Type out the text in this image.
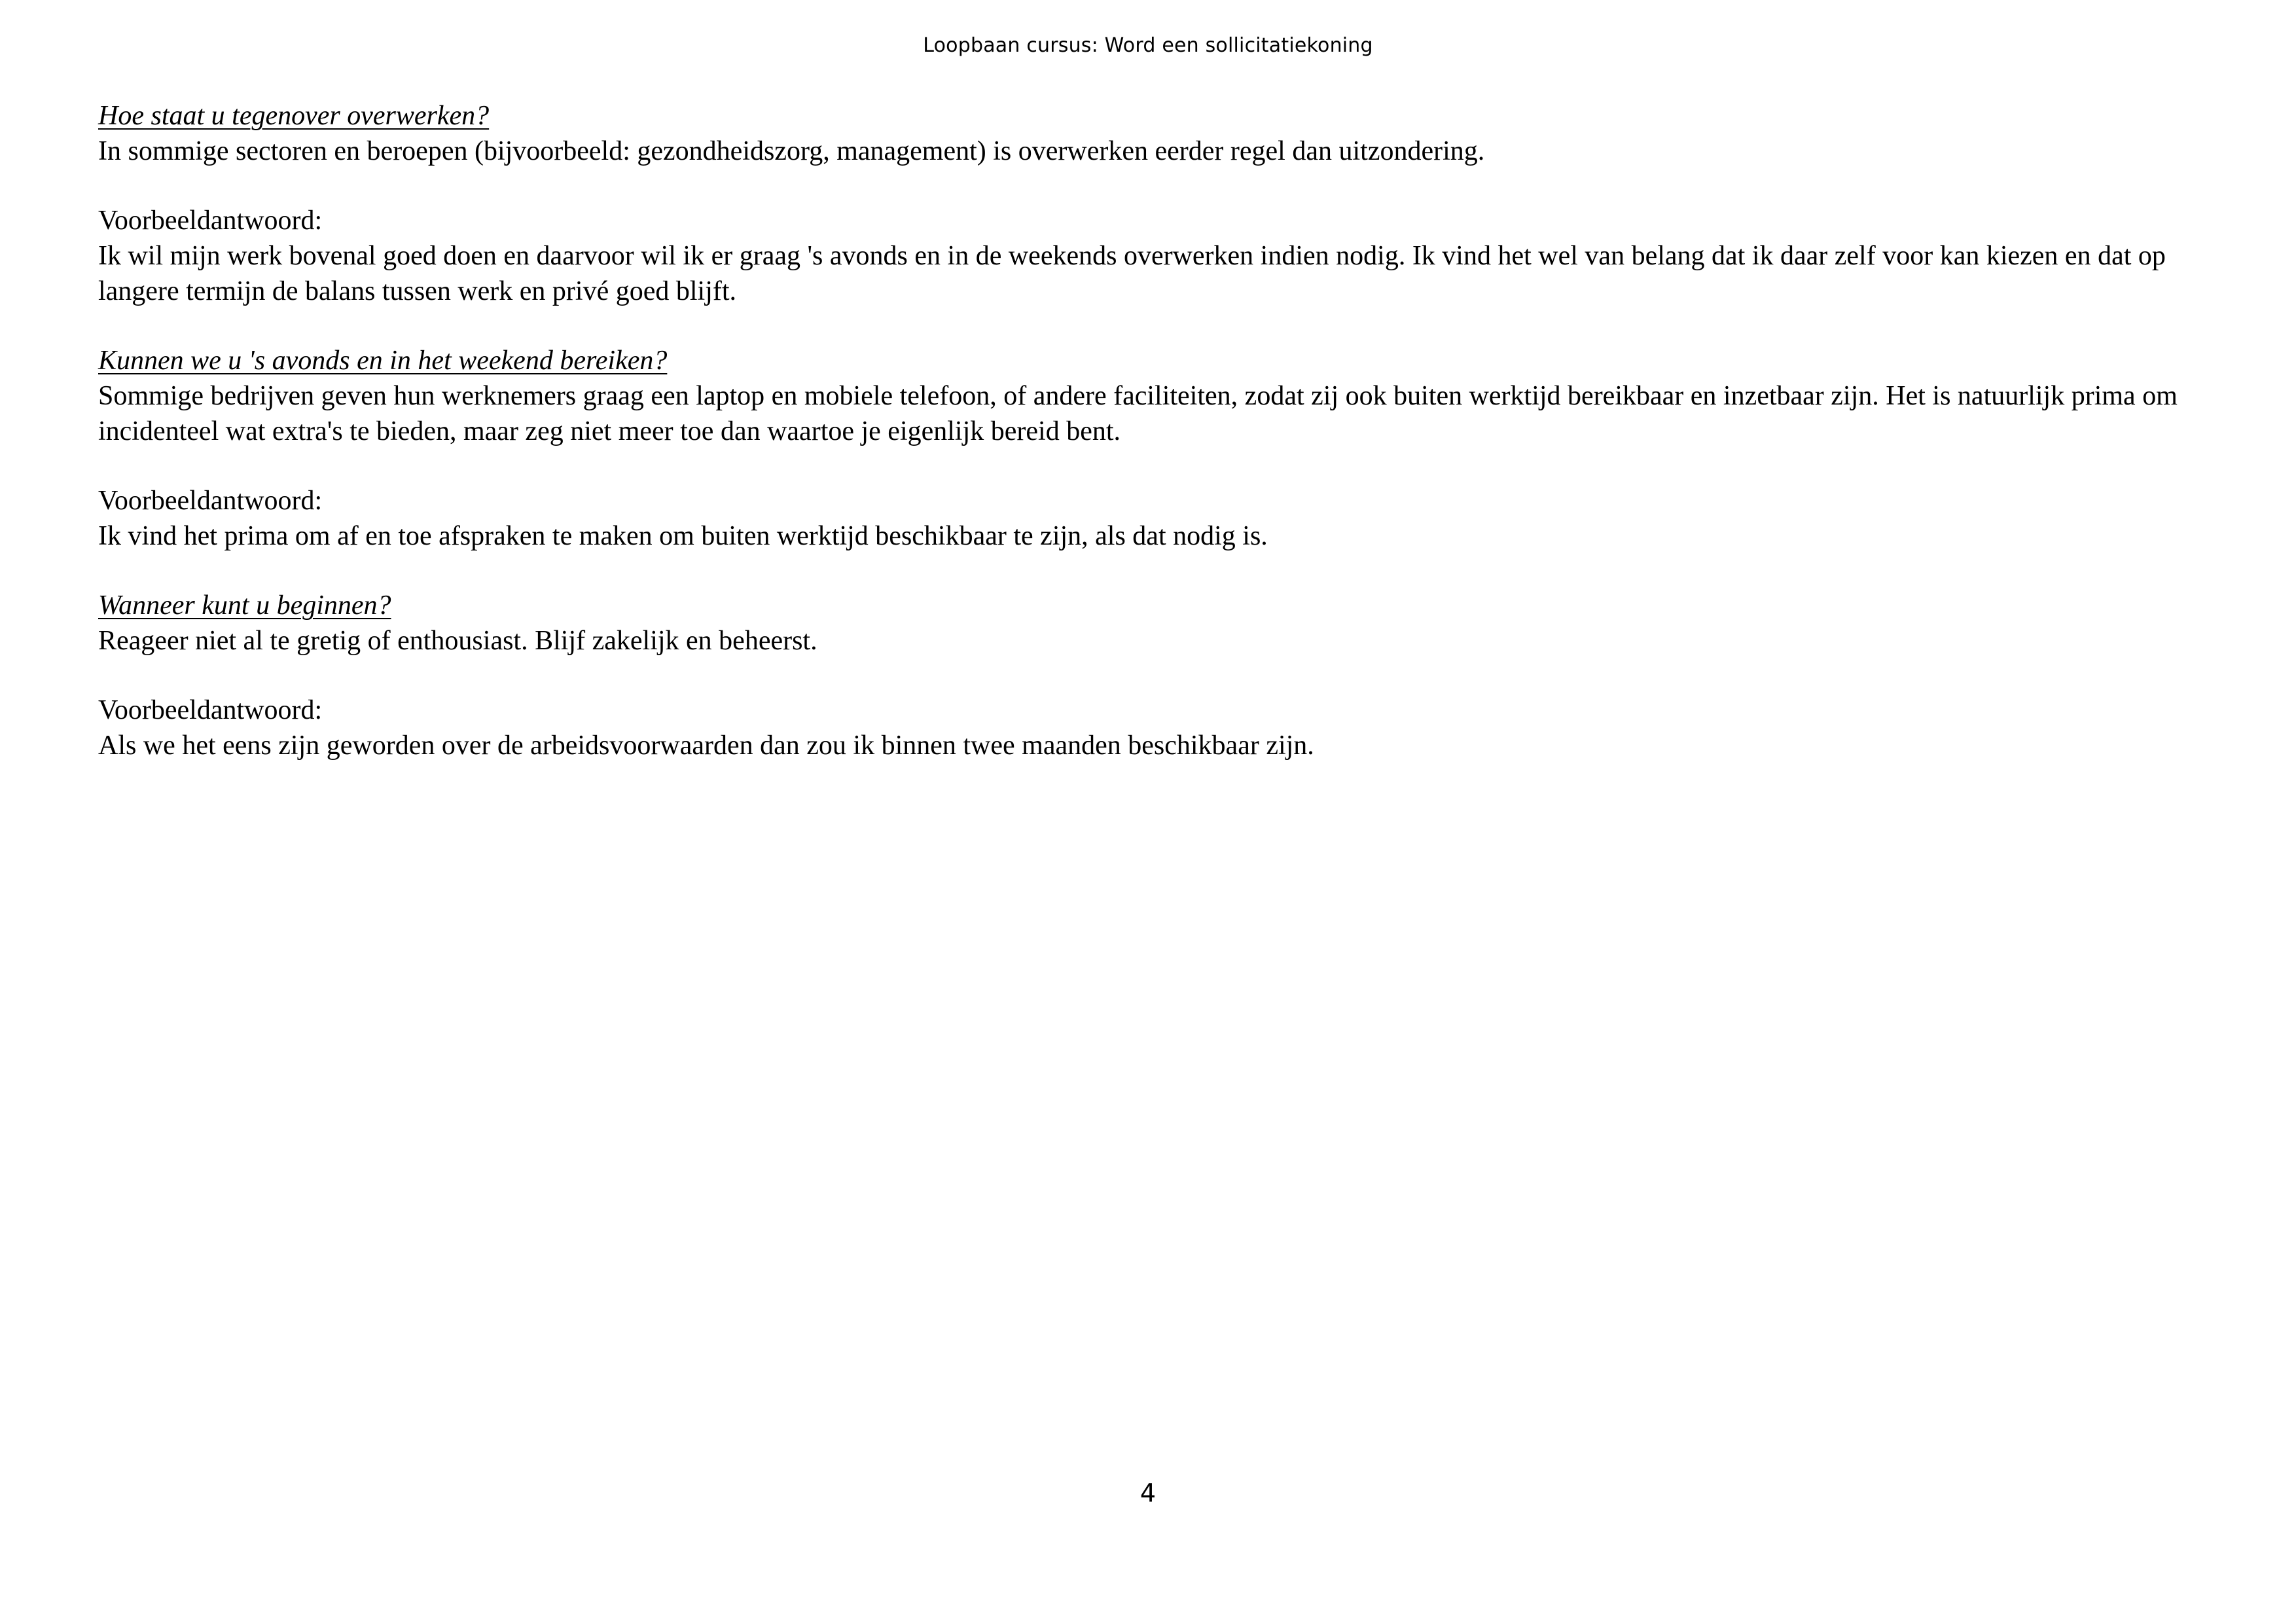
Loopbaan cursus: Word een sollicitatiekoning
Hoe staat u tegenover overwerken?
In sommige sectoren en beroepen (bijvoorbeeld: gezondheidszorg, management) is overwerken eerder regel dan uitzondering.
Voorbeeldantwoord:
Ik wil mijn werk bovenal goed doen en daarvoor wil ik er graag 's avonds en in de weekends overwerken indien nodig. Ik vind het wel van belang dat ik daar zelf voor kan kiezen en dat op langere termijn de balans tussen werk en privé goed blijft.
Kunnen we u 's avonds en in het weekend bereiken?
Sommige bedrijven geven hun werknemers graag een laptop en mobiele telefoon, of andere faciliteiten, zodat zij ook buiten werktijd bereikbaar en inzetbaar zijn. Het is natuurlijk prima om incidenteel wat extra's te bieden, maar zeg niet meer toe dan waartoe je eigenlijk bereid bent.
Voorbeeldantwoord:
Ik vind het prima om af en toe afspraken te maken om buiten werktijd beschikbaar te zijn, als dat nodig is.
Wanneer kunt u beginnen?
Reageer niet al te gretig of enthousiast. Blijf zakelijk en beheerst.
Voorbeeldantwoord:
Als we het eens zijn geworden over de arbeidsvoorwaarden dan zou ik binnen twee maanden beschikbaar zijn.
4
